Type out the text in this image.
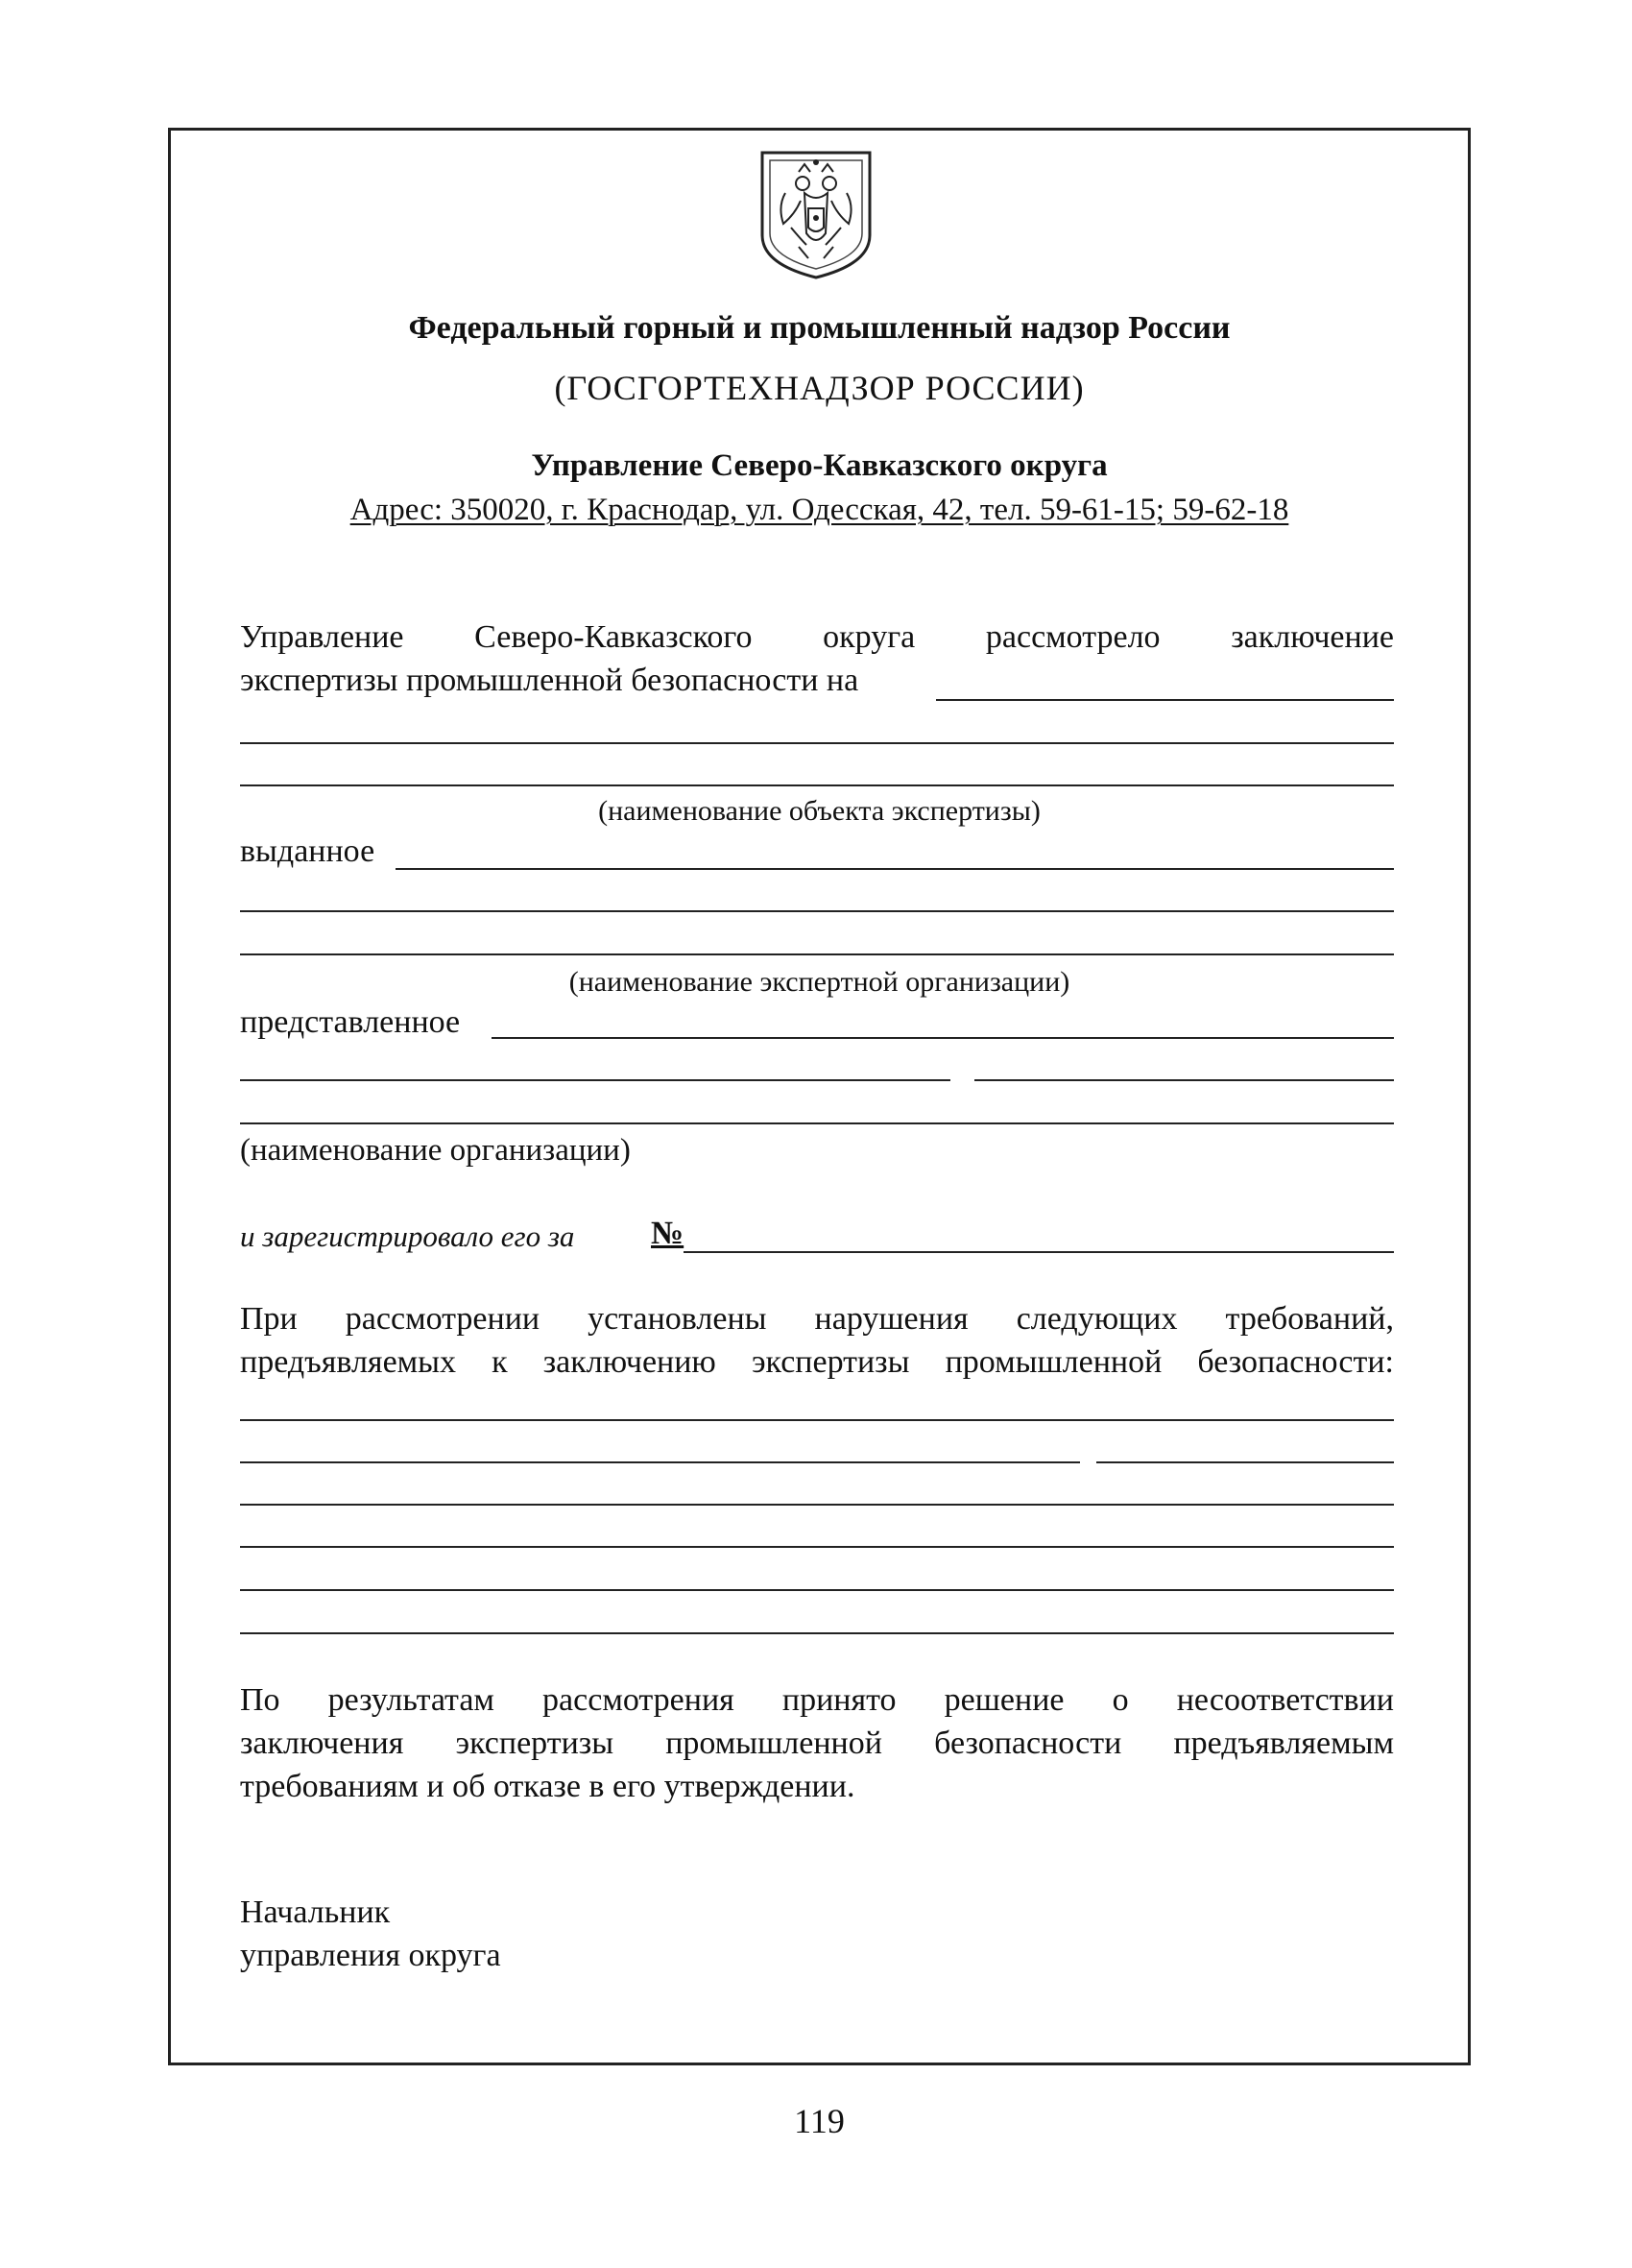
Федеральный горный и промышленный надзор России
(ГОСГОРТЕХНАДЗОР РОССИИ)
Управление Северо-Кавказского округа
Адрес: 350020, г. Краснодар, ул. Одесская, 42, тел. 59-61-15; 59-62-18
Управление Северо-Кавказского округа рассмотрело заключение
экспертизы промышленной безопасности на
(наименование объекта экспертизы)
выданное
(наименование экспертной организации)
представленное
(наименование организации)
и зарегистрировало его за №
При рассмотрении установлены нарушения следующих требований,
предъявляемых к заключению экспертизы промышленной безопасности:
По результатам рассмотрения принято решение о несоответствии
заключения экспертизы промышленной безопасности предъявляемым
требованиям и об отказе в его утверждении.
Начальник
управления округа
119
